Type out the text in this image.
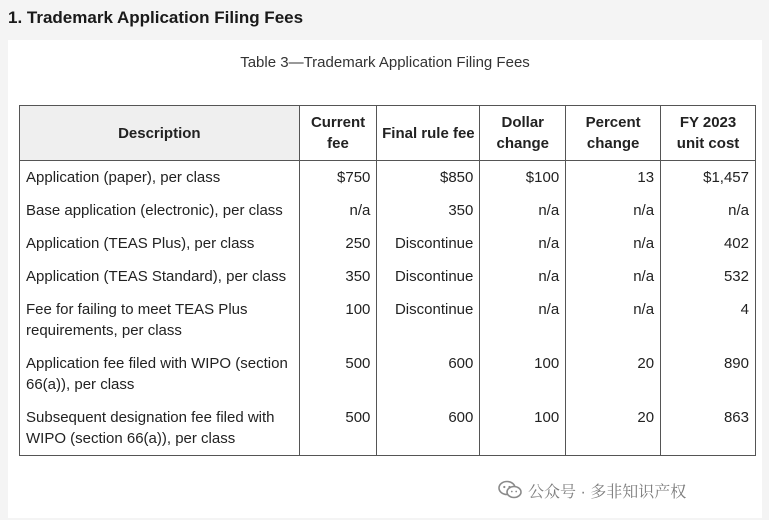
1. Trademark Application Filing Fees
Table 3—Trademark Application Filing Fees
Description	Current fee	Final rule fee	Dollar change	Percent change	FY 2023 unit cost
Application (paper), per class	$750	$850	$100	13	$1,457
Base application (electronic), per class	n/a	350	n/a	n/a	n/a
Application (TEAS Plus), per class	250	Discontinue	n/a	n/a	402
Application (TEAS Standard), per class	350	Discontinue	n/a	n/a	532
Fee for failing to meet TEAS Plus requirements, per class	100	Discontinue	n/a	n/a	4
Application fee filed with WIPO (section 66(a)), per class	500	600	100	20	890
Subsequent designation fee filed with WIPO (section 66(a)), per class	500	600	100	20	863
公众号 · 多非知识产权
